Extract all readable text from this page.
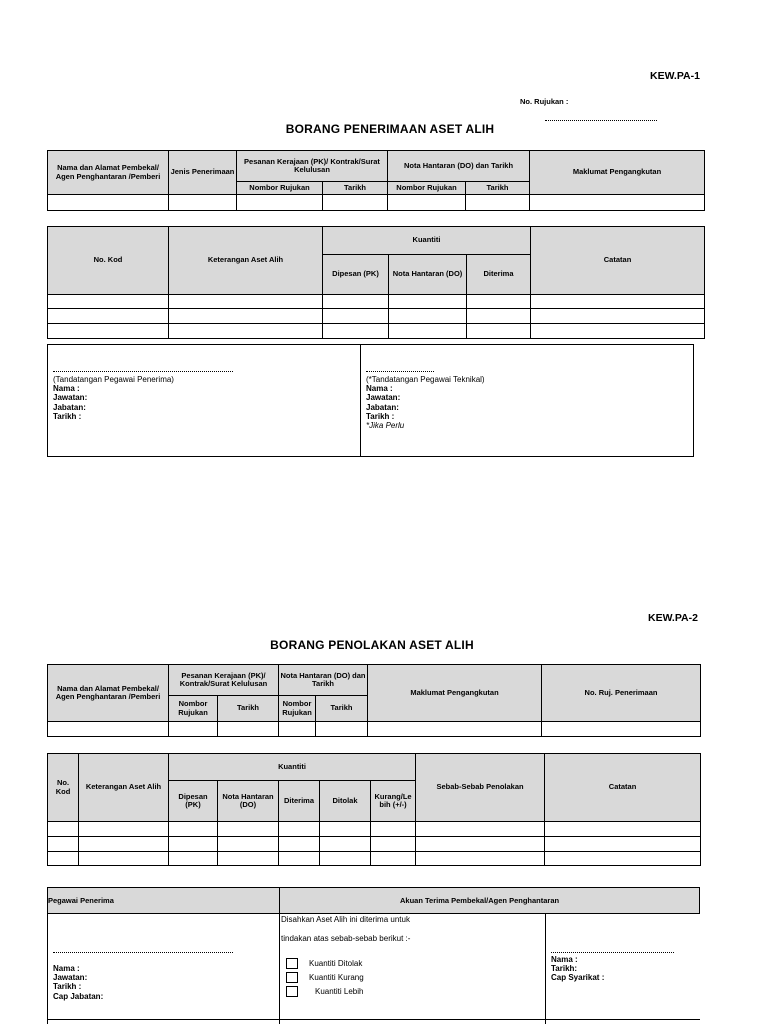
KEW.PA-1
No. Rujukan :
BORANG PENERIMAAN ASET ALIH
Nama dan Alamat Pembekal/ Agen Penghantaran /Pemberi	Jenis Penerimaan	Pesanan Kerajaan (PK)/ Kontrak/Surat Kelulusan		Nota Hantaran (DO) dan Tarikh		Maklumat Pengangkutan
		Nombor Rujukan	Tarikh	Nombor Rujukan	Tarikh	

No. Kod	Keterangan Aset Alih	Kuantiti			Catatan
		Dipesan (PK)	Nota Hantaran (DO)	Diterima	

(Tandatangan Pegawai Penerima)
Nama :
Jawatan:
Jabatan:
Tarikh :
(*Tandatangan Pegawai Teknikal)
Nama :
Jawatan:
Jabatan:
Tarikh :
*Jika Perlu
KEW.PA-2
BORANG PENOLAKAN ASET ALIH
Nama dan Alamat Pembekal/ Agen Penghantaran /Pemberi	Pesanan Kerajaan (PK)/ Kontrak/Surat Kelulusan		Nota Hantaran (DO) dan Tarikh		Maklumat Pengangkutan	No. Ruj. Penerimaan
	Nombor Rujukan	Tarikh	Nombor Rujukan	Tarikh		

No. Kod	Keterangan Aset Alih	Kuantiti					Sebab-Sebab Penolakan	Catatan
		Dipesan (PK)	Nota Hantaran (DO)	Diterima	Ditolak	Kurang/Le bih (+/-)		

Pegawai Penerima	Akuan Terima Pembekal/Agen Penghantaran
Nama :
Jawatan:
Tarikh :
Cap Jabatan:
Disahkan Aset Alih ini diterima untuk
tindakan atas sebab-sebab berikut :-
Kuantiti Ditolak
Kuantiti Kurang
Kuantiti Lebih
Nama :
Tarikh:
Cap Syarikat :
